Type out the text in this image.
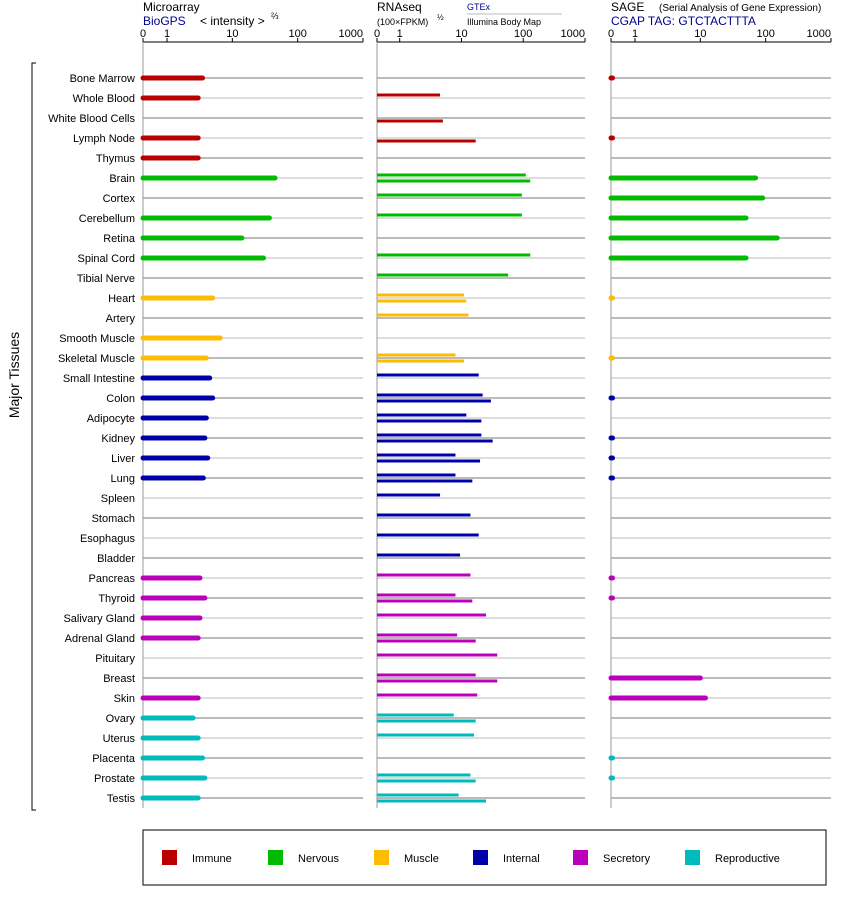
Microarray
BioGPS < intensity > ⅔
RNAseq
(100×FPKM) ½
GTEx
Illumina Body Map
SAGE (Serial Analysis of Gene Expression)
CGAP TAG: GTCTACTTTA
Major Tissues
0 1	10	100	1000 0 1	10	100	1000 0 1	10	100	1000
Bone Marrow
Whole Blood
White Blood Cells
Lymph Node
Thymus
Brain
Cortex
Cerebellum
Retina
Spinal Cord
Tibial Nerve
Heart
Artery
Smooth Muscle
Skeletal Muscle
Small Intestine
Colon
Adipocyte
Kidney
Liver
Lung
Spleen
Stomach
Esophagus
Bladder
Pancreas
Thyroid
Salivary Gland
Adrenal Gland
Pituitary
Breast
Skin
Ovary
Uterus
Placenta
Prostate
Testis
Immune	Nervous	Muscle	Internal	Secretory	Reproductive
